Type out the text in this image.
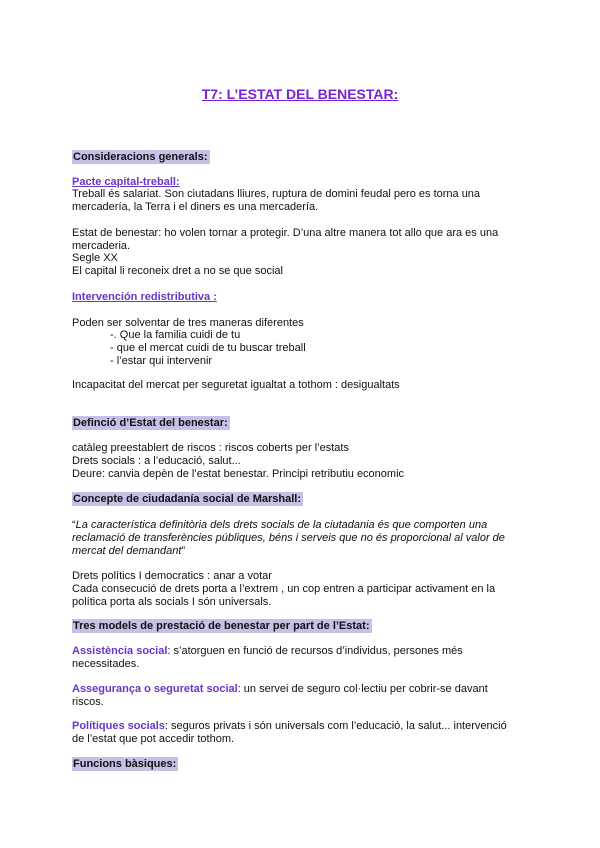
T7: L’ESTAT DEL BENESTAR:
Consideracions generals:
Pacte capital-treball:
Treball és salariat. Son ciutadans lliures, ruptura de domini feudal pero es torna una
mercadería, la Terra i el diners es una mercadería.
Estat de benestar: ho volen tornar a protegir. D’una altre manera tot allo que ara es una
mercaderia.
Segle XX
El capital li reconeix dret a no se que social
Intervención redistributiva :
Poden ser solventar de tres maneras diferentes
-. Que la familia cuidi de tu
- que el mercat cuidi de tu buscar treball
- l’estar qui intervenir
Incapacitat del mercat per seguretat igualtat a tothom : desigualtats
Definció d’Estat del benestar:
catàleg preestablert de riscos : riscos coberts per l’estats
Drets socials : a l’educació, salut...
Deure: canvia depèn de l’estat benestar. Principi retributiu economic
Concepte de ciudadanía social de Marshall:
“La característica definitòria dels drets socials de la ciutadania és que comporten una
reclamació de transferències públiques, béns i serveis que no és proporcional al valor de
mercat del demandant”
Drets polítics I democratics : anar a votar
Cada consecució de drets porta a l’extrem , un cop entren a participar activament en la
política porta als socials I són universals.
Tres models de prestació de benestar per part de l’Estat:
Assistència social: s’atorguen en funció de recursos d’individus, persones més
necessitades.
Assegurança o seguretat social: un servei de seguro col·lectiu per cobrir-se davant
riscos.
Polítiques socials: seguros privats i són universals com l’educació, la salut... intervenció
de l’estat que pot accedir tothom.
Funcions bàsiques:
